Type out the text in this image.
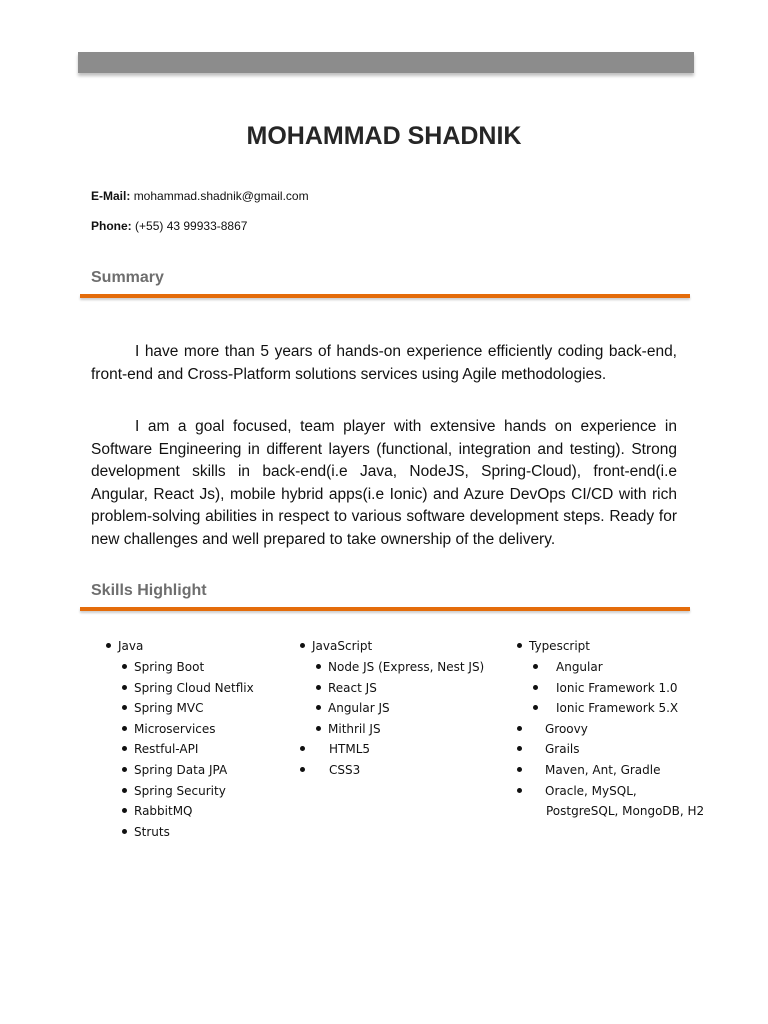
MOHAMMAD SHADNIK
E-Mail: mohammad.shadnik@gmail.com
Phone: (+55) 43 99933-8867
Summary

I have more than 5 years of hands-on experience efficiently coding back-end, front-end and Cross-Platform solutions services using Agile methodologies.

I am a goal focused, team player with extensive hands on experience in Software Engineering in different layers (functional, integration and testing). Strong development skills in back-end(i.e Java, NodeJS, Spring-Cloud), front-end(i.e Angular, React Js), mobile hybrid apps(i.e Ionic) and Azure DevOps CI/CD with rich problem-solving abilities in respect to various software development steps. Ready for new challenges and well prepared to take ownership of the delivery.

Skills Highlight
Java
Spring Boot
Spring Cloud Netflix
Spring MVC
Microservices
Restful-API
Spring Data JPA
Spring Security
RabbitMQ
Struts
JavaScript
Node JS (Express, Nest JS)
React JS
Angular JS
Mithril JS
HTML5
CSS3
Typescript
Angular
Ionic Framework 1.0
Ionic Framework 5.X
Groovy
Grails
Maven, Ant, Gradle
Oracle, MySQL,
PostgreSQL, MongoDB, H2
